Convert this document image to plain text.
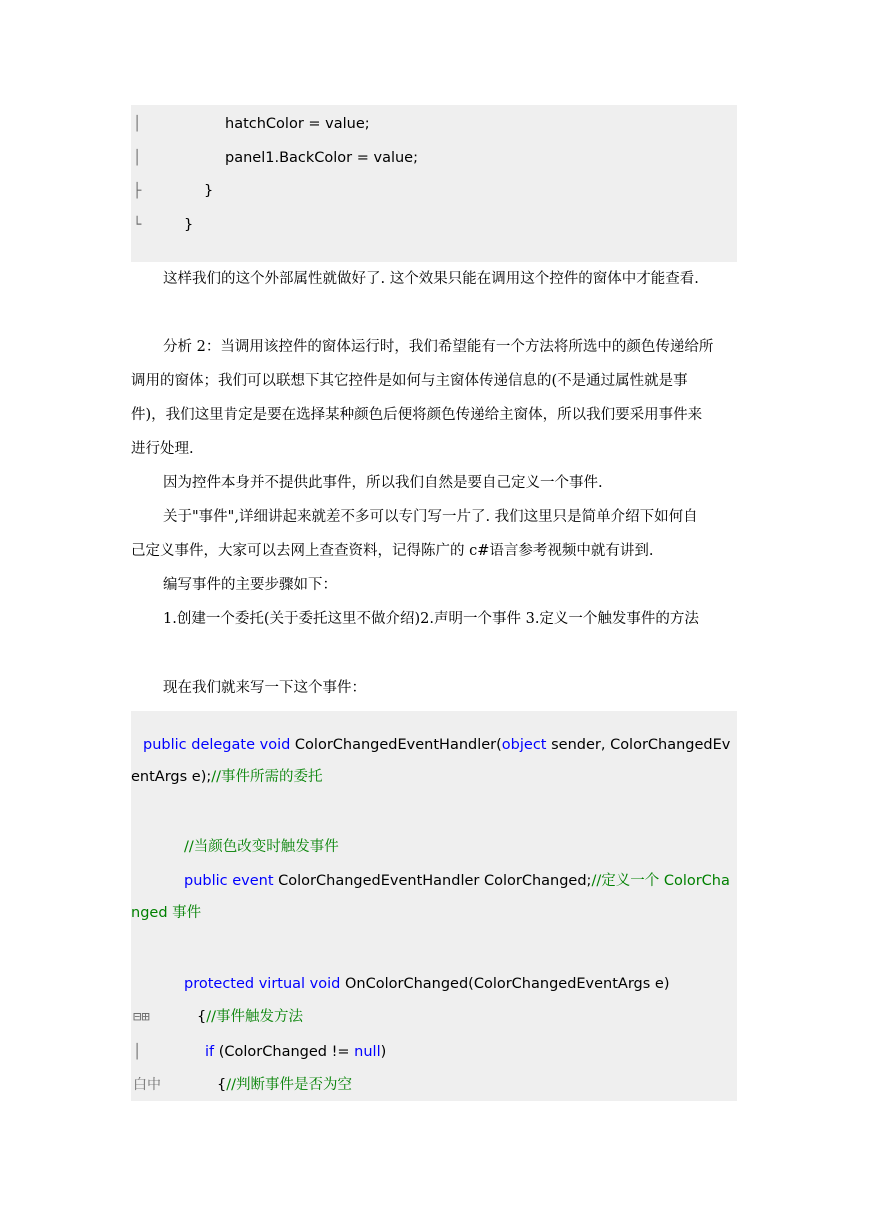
│	hatchColor = value;
│	panel1.BackColor = value;
├	}
└	}
这样我们的这个外部属性就做好了. 这个效果只能在调用这个控件的窗体中才能查看.
分析 2：当调用该控件的窗体运行时，我们希望能有一个方法将所选中的颜色传递给所
调用的窗体；我们可以联想下其它控件是如何与主窗体传递信息的(不是通过属性就是事
件)，我们这里肯定是要在选择某种颜色后便将颜色传递给主窗体，所以我们要采用事件来
进行处理.
因为控件本身并不提供此事件，所以我们自然是要自己定义一个事件.
关于"事件",详细讲起来就差不多可以专门写一片了. 我们这里只是简单介绍下如何自
己定义事件，大家可以去网上查查资料，记得陈广的 c#语言参考视频中就有讲到.
编写事件的主要步骤如下：
1.创建一个委托(关于委托这里不做介绍)2.声明一个事件 3.定义一个触发事件的方法
现在我们就来写一下这个事件：
public delegate void ColorChangedEventHandler(object sender, ColorChangedEv
entArgs e);//事件所需的委托
//当颜色改变时触发事件
public event ColorChangedEventHandler ColorChanged;//定义一个 ColorCha
nged 事件
protected virtual void OnColorChanged(ColorChangedEventArgs e)
⊟⊞	{//事件触发方法
│	if (ColorChanged != null)
白中	{//判断事件是否为空
